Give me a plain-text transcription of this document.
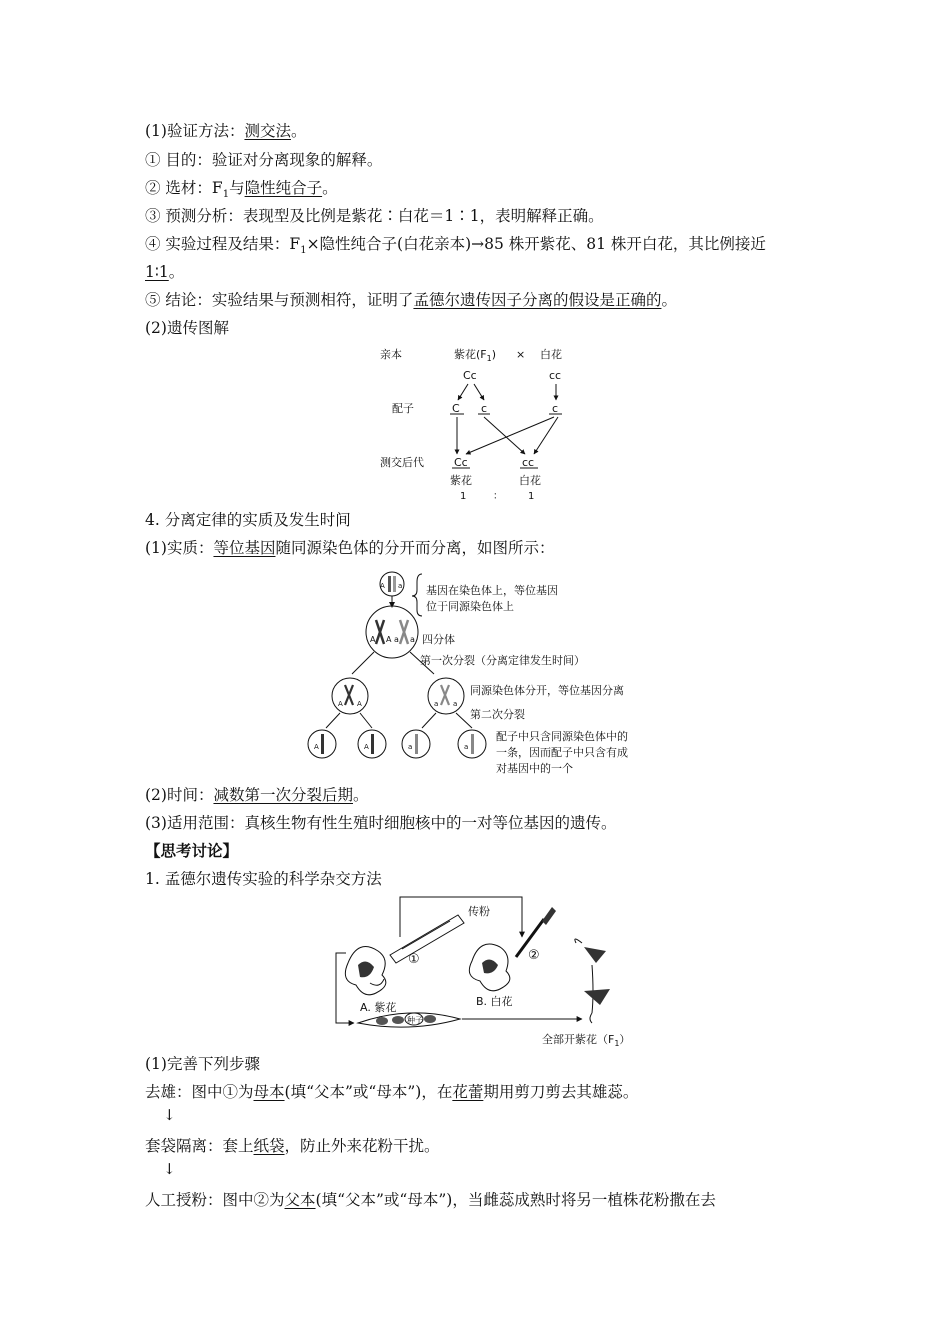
(1)验证方法：测交法。
① 目的：验证对分离现象的解释。
② 选材：$F_1$与隐性纯合子。
③ 预测分析：表现型及比例是紫花∶白花＝1∶1，表明解释正确。
④ 实验过程及结果：$F_1\times$隐性纯合子(白花亲本)→85 株开紫花、81 株开白花，其比例接近
1∶1。
⑤ 结论：实验结果与预测相符，证明了孟德尔遗传因子分离的假设是正确的。
(2)遗传图解
亲本	紫花$(F_1)$ × 白花
Cc	cc
配子	C c	c
测交后代	Cc	cc
紫花	白花
1	：	1
4. 分离定律的实质及发生时间
(1)实质：等位基因随同源染色体的分开而分离，如图所示：
A a 基因在染色体上，等位基因
位于同源染色体上
A A a a 四分体
第一次分裂（分离定律发生时间）
A A	a a
同源染色体分开，等位基因分离
第二次分裂
A	A	a	a
配子中只含同源染色体中的
一条，因而配子中只含有成
对基因中的一个
(2)时间：减数第一次分裂后期。
(3)适用范围：真核生物有性生殖时细胞核中的一对等位基因的遗传。
【思考讨论】
1. 孟德尔遗传实验的科学杂交方法
传粉
①
A. 紫花
②
B. 白花
种子
全部开紫花$(F_1)$
(1)完善下列步骤
去雄：图中①为母本(填“父本”或“母本”)，在花蕾期用剪刀剪去其雄蕊。
↓
套袋隔离：套上纸袋，防止外来花粉干扰。
↓
人工授粉：图中②为父本(填“父本”或“母本”)，当雌蕊成熟时将另一植株花粉撒在去
